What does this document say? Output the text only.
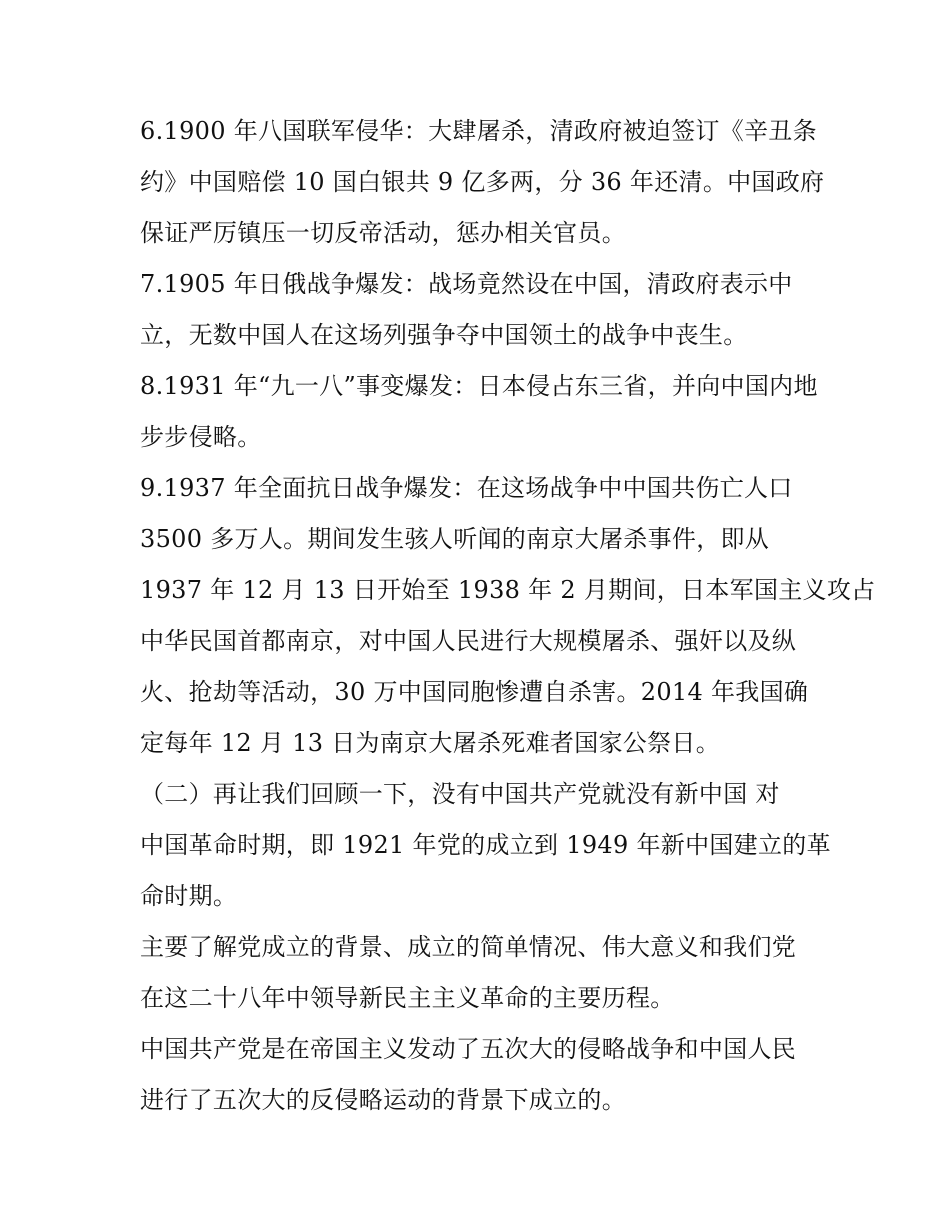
6.1900 年八国联军侵华：大肆屠杀，清政府被迫签订《辛丑条
约》中国赔偿 10 国白银共 9 亿多两，分 36 年还清。中国政府
保证严厉镇压一切反帝活动，惩办相关官员。
7.1905 年日俄战争爆发：战场竟然设在中国，清政府表示中
立，无数中国人在这场列强争夺中国领土的战争中丧生。
8.1931 年“九一八”事变爆发：日本侵占东三省，并向中国内地
步步侵略。
9.1937 年全面抗日战争爆发：在这场战争中中国共伤亡人口
3500 多万人。期间发生骇人听闻的南京大屠杀事件，即从
1937 年 12 月 13 日开始至 1938 年 2 月期间，日本军国主义攻占
中华民国首都南京，对中国人民进行大规模屠杀、强奸以及纵
火、抢劫等活动，30 万中国同胞惨遭自杀害。2014 年我国确
定每年 12 月 13 日为南京大屠杀死难者国家公祭日。
（二）再让我们回顾一下，没有中国共产党就没有新中国 对
中国革命时期，即 1921 年党的成立到 1949 年新中国建立的革
命时期。
主要了解党成立的背景、成立的简单情况、伟大意义和我们党
在这二十八年中领导新民主主义革命的主要历程。
中国共产党是在帝国主义发动了五次大的侵略战争和中国人民
进行了五次大的反侵略运动的背景下成立的。
